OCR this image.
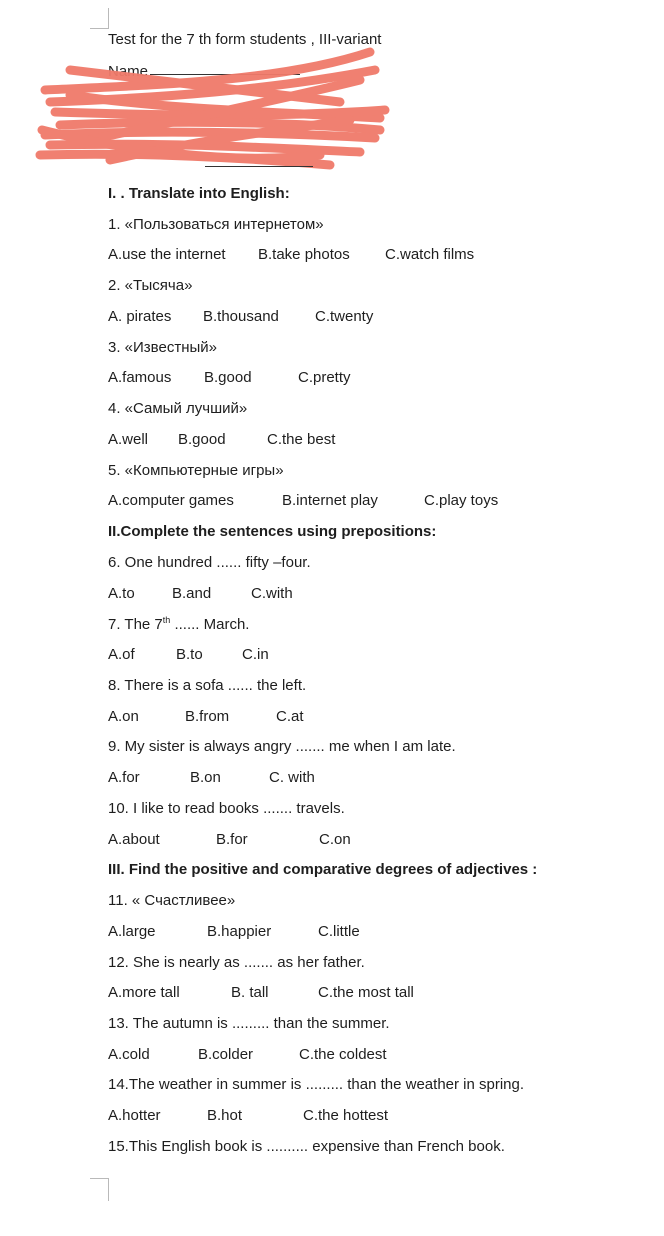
Test for the 7 th form students , III-variant
Name
I. . Translate into English:
1. «Пользоваться интернетом»
A.use the internet B.take photos C.watch films
2. «Тысяча»
A. pirates B.thousand C.twenty
3. «Известный»
A.famous B.good	C.pretty
4. «Самый лучший»
A.well B.good	C.the best
5. «Компьютерные игры»
A.computer games	B.internet play	C.play toys
II.Complete the sentences using prepositions:
6. One hundred ...... fifty –four.
A.to B.and	C.with
7. The 7th ...... March.
A.of	B.to	C.in
8. There is a sofa ...... the left.
A.on	B.from	C.at
9. My sister is always angry ....... me when I am late.
A.for	B.on	C. with
10. I like to read books ....... travels.
A.about	B.for	C.on
III. Find the positive and comparative degrees of adjectives :
11. « Счастливее»
A.large	B.happier	C.little
12. She is nearly as ....... as her father.
A.more tall	B. tall	C.the most tall
13. The autumn is ......... than the summer.
A.cold	B.colder	C.the coldest
14.The weather in summer is ......... than the weather in spring.
A.hotter	B.hot	C.the hottest
15.This English book is .......... expensive than French book.
